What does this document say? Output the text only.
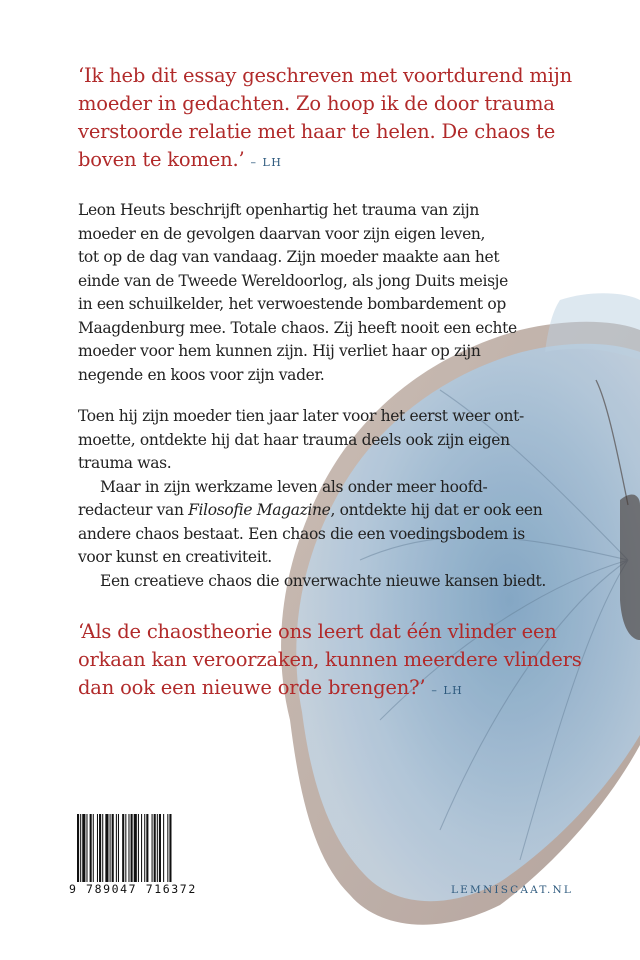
‘Ik heb dit essay geschreven met voortdurend mijn
moeder in gedachten. Zo hoop ik de door trauma
verstoorde relatie met haar te helen. De chaos te
boven te komen.’ – LH

Leon Heuts beschrijft openhartig het trauma van zijn
moeder en de gevolgen daarvan voor zijn eigen leven,
tot op de dag van vandaag. Zijn moeder maakte aan het
einde van de Tweede Wereldoorlog, als jong Duits meisje
in een schuilkelder, het verwoestende bombardement op
Maagdenburg mee. Totale chaos. Zij heeft nooit een echte
moeder voor hem kunnen zijn. Hij verliet haar op zijn
negende en koos voor zijn vader.
Toen hij zijn moeder tien jaar later voor het eerst weer ont-
moette, ontdekte hij dat haar trauma deels ook zijn eigen
trauma was.
Maar in zijn werkzame leven als onder meer hoofd-
redacteur van Filosofie Magazine, ontdekte hij dat er ook een
andere chaos bestaat. Een chaos die een voedingsbodem is
voor kunst en creativiteit.
Een creatieve chaos die onverwachte nieuwe kansen biedt.

‘Als de chaostheorie ons leert dat één vlinder een
orkaan kan veroorzaken, kunnen meerdere vlinders
dan ook een nieuwe orde brengen?’ – LH

9 789047 716372	LEMNISCAAT.NL
